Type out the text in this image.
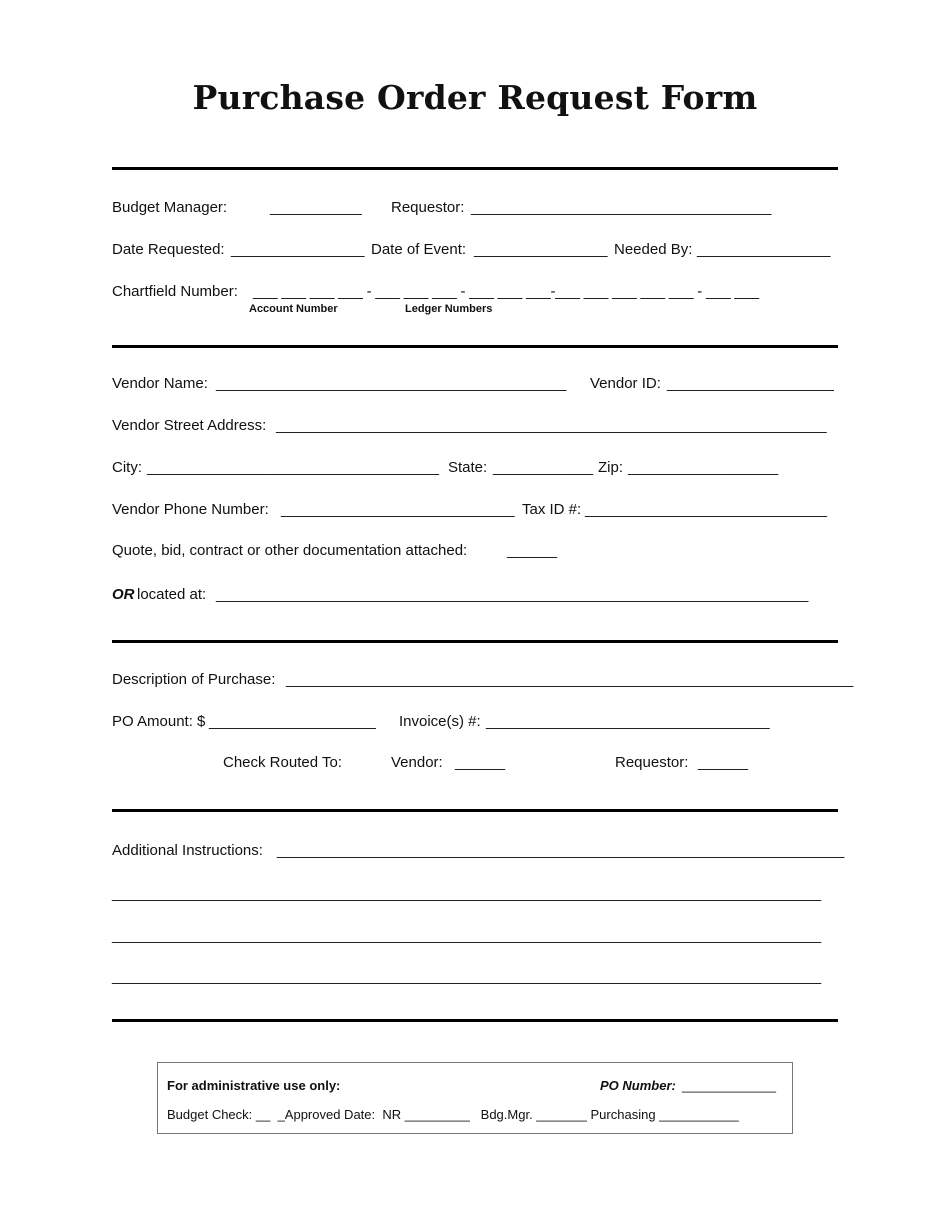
Purchase Order Request Form
Budget Manager:	___________ Requestor: ____________________________________
Date Requested: ________________ Date of Event: ________________ Needed By: ________________
Chartfield Number: ___ ___ ___ ___ - ___ ___ ___ - ___ ___ ___-___ ___ ___ ___ ___ - ___ ___
Account Number	Ledger Numbers
Vendor Name: __________________________________________ Vendor ID: ____________________
Vendor Street Address: __________________________________________________________________
City: ___________________________________ State: ____________ Zip: __________________
Vendor Phone Number: ____________________________ Tax ID #: _____________________________
Quote, bid, contract or other documentation attached:	______
OR located at: _______________________________________________________________________
Description of Purchase: ____________________________________________________________________
PO Amount: $ ____________________ Invoice(s) #: __________________________________
Check Routed To:	Vendor: ______	Requestor: ______
Additional Instructions: ____________________________________________________________________
_____________________________________________________________________________________
_____________________________________________________________________________________
_____________________________________________________________________________________
For administrative use only:	PO Number: _____________
Budget Check: __  _Approved Date:  NR _________   Bdg.Mgr. _______ Purchasing ___________
